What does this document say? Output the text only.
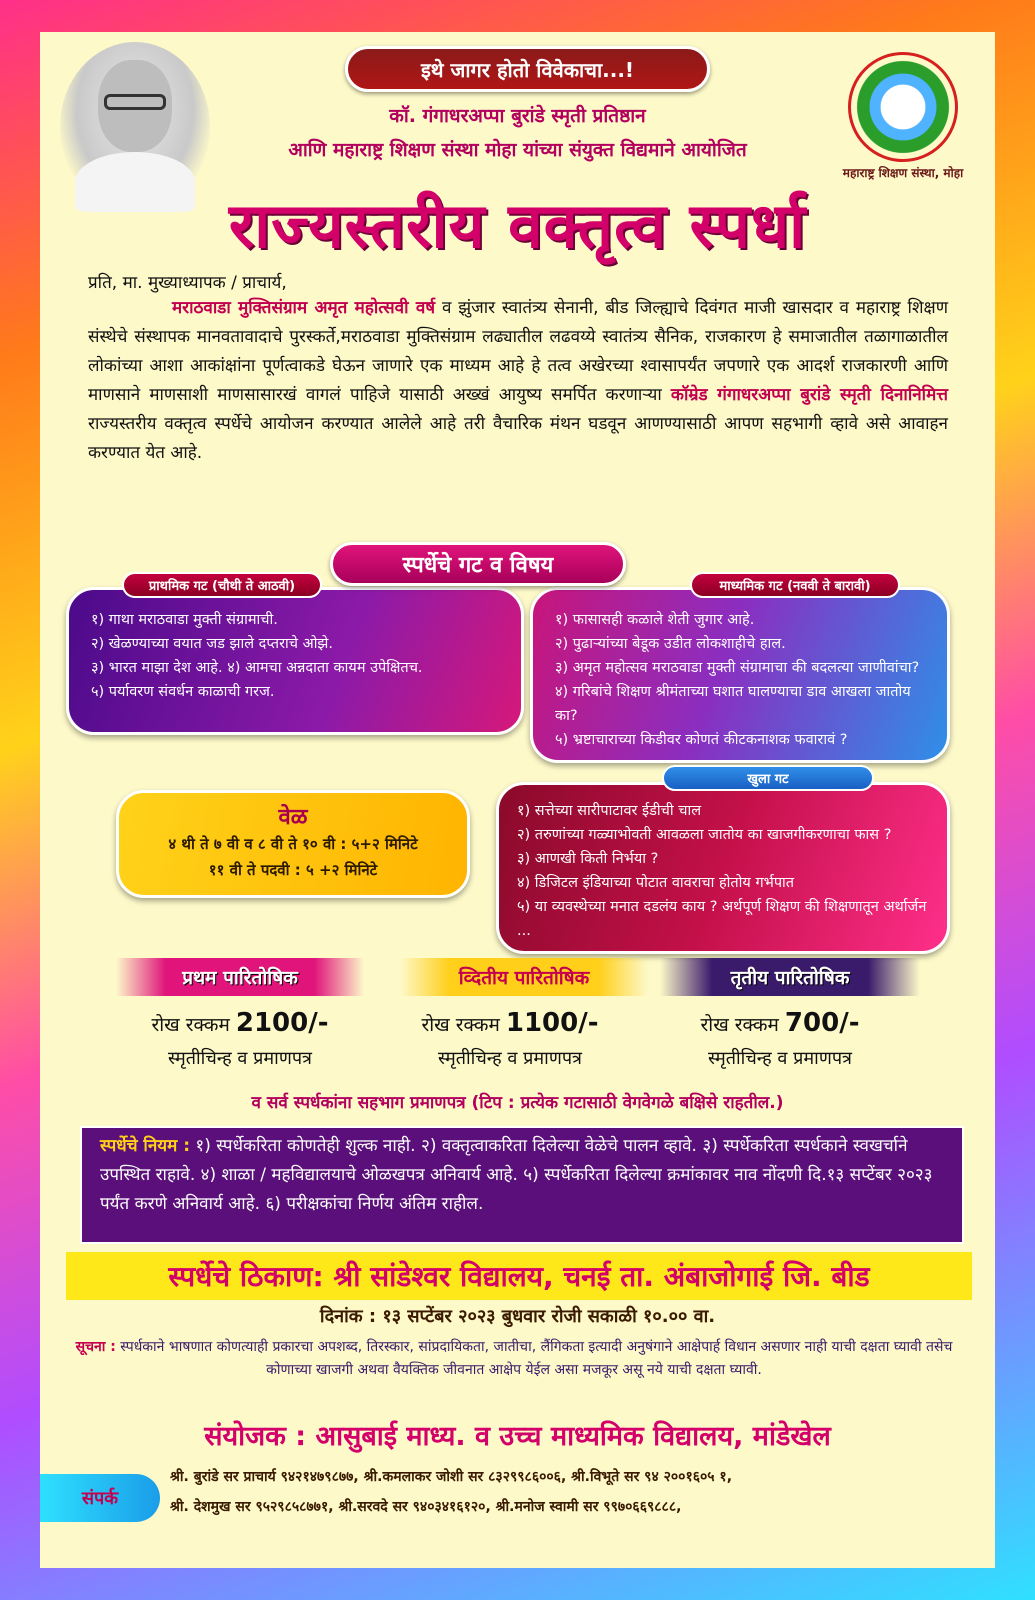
इथे जागर होतो विवेकाचा...!
महाराष्ट्र शिक्षण संस्था, मोहा
कॉ. गंगाधरअप्पा बुरांडे स्मृती प्रतिष्ठान
आणि महाराष्ट्र शिक्षण संस्था मोहा यांच्या संयुक्त विद्यमाने आयोजित
राज्यस्तरीय वक्तृत्व स्पर्धा
प्रति, मा. मुख्याध्यापक / प्राचार्य,
मराठवाडा मुक्तिसंग्राम अमृत महोत्सवी वर्ष व झुंजार स्वातंत्र्य सेनानी, बीड जिल्ह्याचे दिवंगत माजी खासदार व महाराष्ट्र शिक्षण संस्थेचे संस्थापक मानवतावादाचे पुरस्कर्ते,मराठवाडा मुक्तिसंग्राम लढ्यातील लढवय्ये स्वातंत्र्य सैनिक, राजकारण हे समाजातील तळागाळातील लोकांच्या आशा आकांक्षांना पूर्णत्वाकडे घेऊन जाणारे एक माध्यम आहे हे तत्व अखेरच्या श्वासापर्यंत जपणारे एक आदर्श राजकारणी आणि माणसाने माणसाशी माणसासारखं वागलं पाहिजे यासाठी अख्खं आयुष्य समर्पित करणाऱ्या कॉम्रेड गंगाधरअप्पा बुरांडे स्मृती दिनानिमित्त राज्यस्तरीय वक्तृत्व स्पर्धेचे आयोजन करण्यात आलेले आहे तरी वैचारिक मंथन घडवून आणण्यासाठी आपण सहभागी व्हावे असे आवाहन करण्यात येत आहे.
स्पर्धेचे गट व विषय
प्राथमिक गट (चौथी ते आठवी)
१) गाथा मराठवाडा मुक्ती संग्रामाची.
२) खेळण्याच्या वयात जड झाले दप्तराचे ओझे.
३) भारत माझा देश आहे. ४) आमचा अन्नदाता कायम उपेक्षितच.
५) पर्यावरण संवर्धन काळाची गरज.
माध्यमिक गट (नववी ते बारावी)
१) फासासही कळाले शेती जुगार आहे.
२) पुढाऱ्यांच्या बेडूक उडीत लोकशाहीचे हाल.
३) अमृत महोत्सव मराठवाडा मुक्ती संग्रामाचा की बदलत्या जाणीवांचा?
४) गरिबांचे शिक्षण श्रीमंताच्या घशात घालण्याचा डाव आखला जातोय का?
५) भ्रष्टाचाराच्या किडीवर कोणतं कीटकनाशक फवारावं ?
वेळ
४ थी ते ७ वी व ८ वी ते १० वी : ५+२ मिनिटे
११ वी ते पदवी : ५ +२ मिनिटे
खुला गट
१) सत्तेच्या सारीपाटावर ईडीची चाल
२) तरुणांच्या गळ्याभोवती आवळला जातोय का खाजगीकरणाचा फास ?
३) आणखी किती निर्भया ?
४) डिजिटल इंडियाच्या पोटात वावराचा होतोय गर्भपात
५) या व्यवस्थेच्या मनात दडलंय काय ? अर्थपूर्ण शिक्षण की शिक्षणातून अर्थार्जन ...
प्रथम पारितोषिक	व्दितीय पारितोषिक	तृतीय पारितोषिक
रोख रक्कम 2100/-
स्मृतीचिन्ह व प्रमाणपत्र
रोख रक्कम 1100/-
स्मृतीचिन्ह व प्रमाणपत्र
रोख रक्कम 700/-
स्मृतीचिन्ह व प्रमाणपत्र
व सर्व स्पर्धकांना सहभाग प्रमाणपत्र (टिप : प्रत्येक गटासाठी वेगवेगळे बक्षिसे राहतील.)
स्पर्धेचे नियम : १) स्पर्धेकरिता कोणतेही शुल्क नाही. २) वक्तृत्वाकरिता दिलेल्या वेळेचे पालन व्हावे. ३) स्पर्धेकरिता स्पर्धकाने स्वखर्चाने उपस्थित राहावे. ४) शाळा / महविद्यालयाचे ओळखपत्र अनिवार्य आहे. ५) स्पर्धेकरिता दिलेल्या क्रमांकावर नाव नोंदणी दि.१३ सप्टेंबर २०२३ पर्यंत करणे अनिवार्य आहे. ६) परीक्षकांचा निर्णय अंतिम राहील.
स्पर्धेचे ठिकाण: श्री सांडेश्वर विद्यालय, चनई ता. अंबाजोगाई जि. बीड
दिनांक : १३ सप्टेंबर २०२३ बुधवार रोजी सकाळी १०.०० वा.
सूचना : स्पर्धकाने भाषणात कोणत्याही प्रकारचा अपशब्द, तिरस्कार, सांप्रदायिकता, जातीचा, लैंगिकता इत्यादी अनुषंगाने आक्षेपार्ह विधान असणार नाही याची दक्षता घ्यावी तसेच कोणाच्या खाजगी अथवा वैयक्तिक जीवनात आक्षेप येईल असा मजकूर असू नये याची दक्षता घ्यावी.
संयोजक : आसुबाई माध्य. व उच्च माध्यमिक विद्यालय, मांडेखेल
संपर्क
श्री. बुरांडे सर प्राचार्य ९४२१४७९८७७, श्री.कमलाकर जोशी सर ८३२९९८६००६, श्री.विभूते सर ९४ २००१६०५ १,
श्री. देशमुख सर ९५२९८५८७७१, श्री.सरवदे सर ९४०३४१६१२०, श्री.मनोज स्वामी सर ९९७०६६९८८८,
